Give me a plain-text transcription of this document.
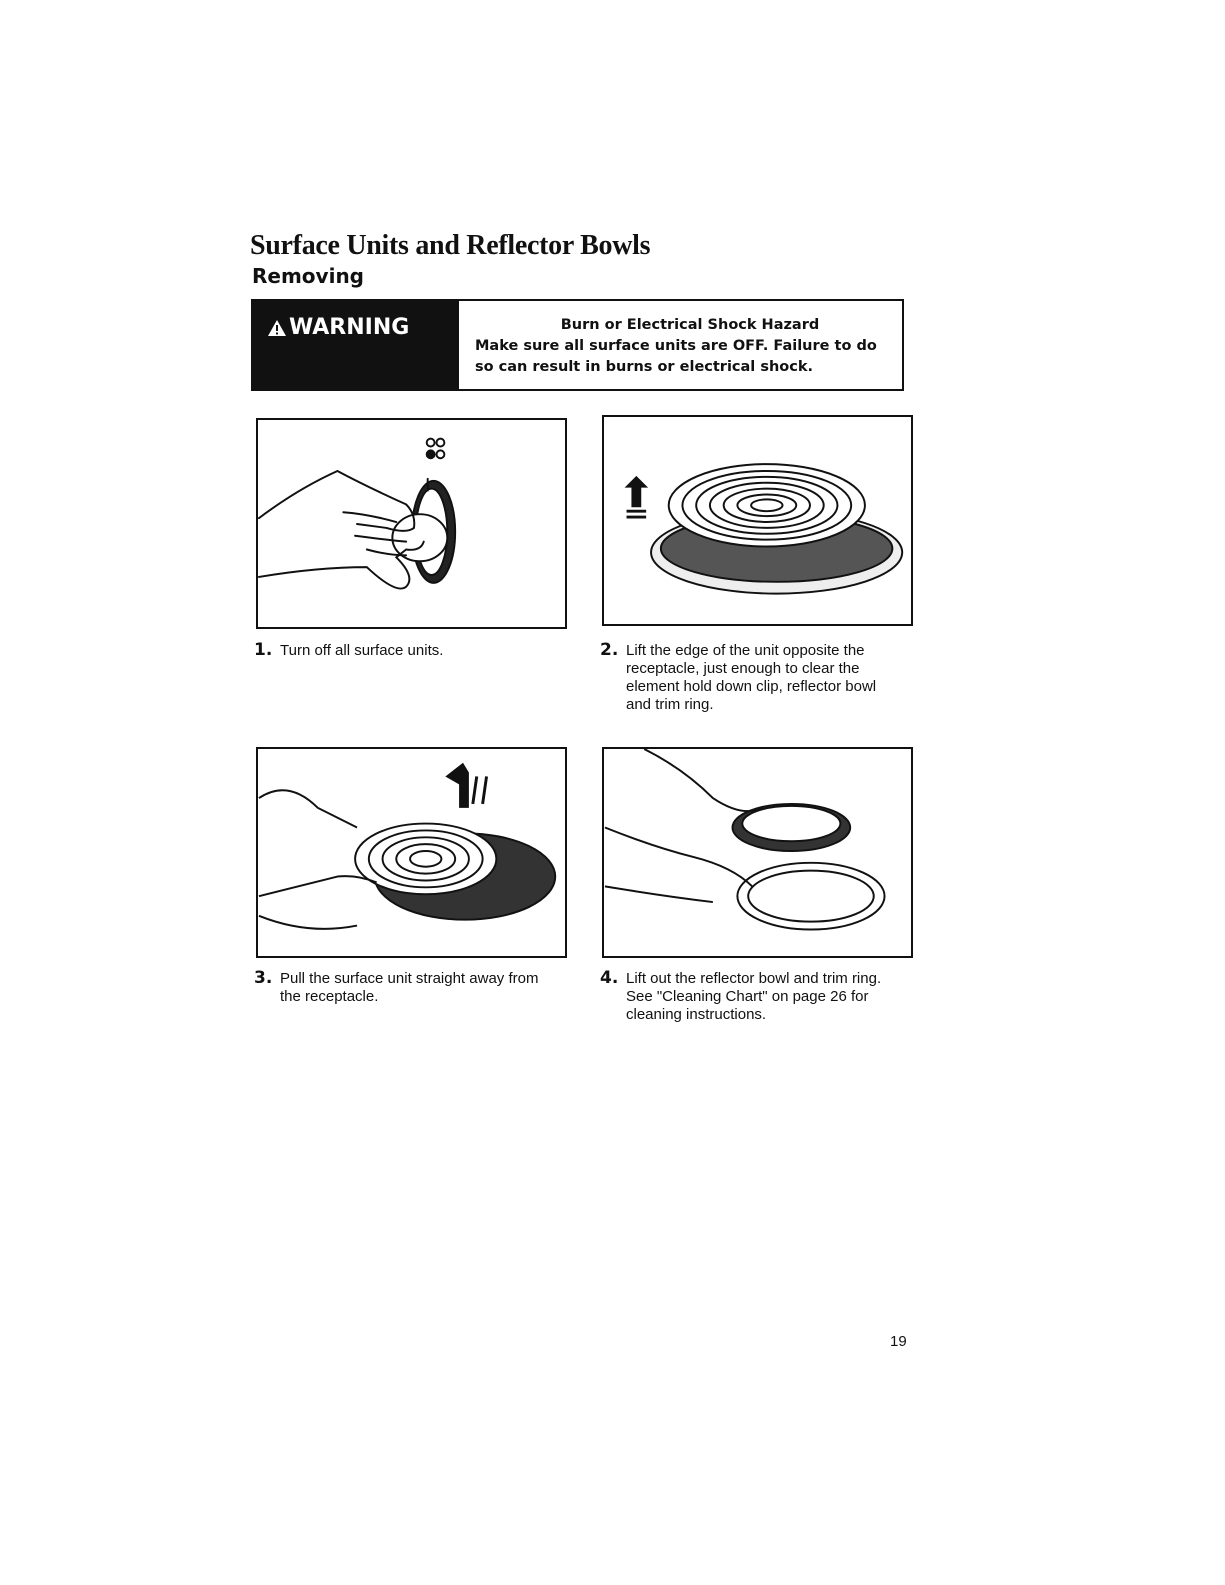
Surface Units and Reflector Bowls
Removing
WARNING	Burn or Electrical Shock Hazard
Make sure all surface units are OFF. Failure to do so can result in burns or electrical shock.
1. Turn off all surface units.	2. Lift the edge of the unit opposite the receptacle, just enough to clear the element hold down clip, reflector bowl and trim ring.
3. Pull the surface unit straight away from the receptacle.
4. Lift out the reflector bowl and trim ring. See "Cleaning Chart" on page 26 for cleaning instructions.
19
